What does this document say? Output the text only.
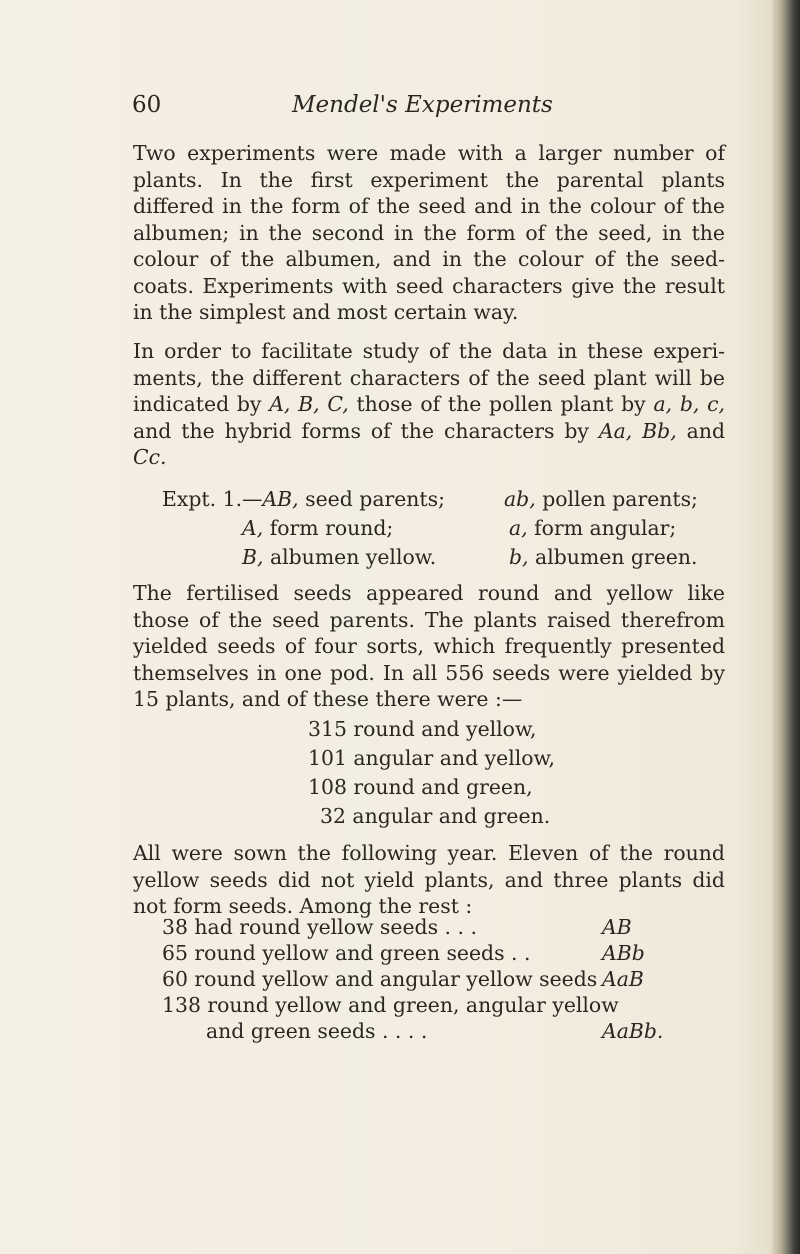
60	Mendel's Experiments

Two experiments were made with a larger number of plants. In the first experiment the parental plants differed in the form of the seed and in the colour of the albumen; in the second in the form of the seed, in the colour of the albumen, and in the colour of the seed-coats. Experiments with seed characters give the result in the simplest and most certain way.

In order to facilitate study of the data in these experi-ments, the different characters of the seed plant will be indicated by A, B, C, those of the pollen plant by a, b, c, and the hybrid forms of the characters by Aa, Bb, and Cc.

Expt. 1.—AB, seed parents;	ab, pollen parents;
A, form round;	a, form angular;
B, albumen yellow.	b, albumen green.

The fertilised seeds appeared round and yellow like those of the seed parents. The plants raised therefrom yielded seeds of four sorts, which frequently presented themselves in one pod. In all 556 seeds were yielded by 15 plants, and of these there were :—

315 round and yellow,
101 angular and yellow,
108 round and green,
32 angular and green.

All were sown the following year. Eleven of the round yellow seeds did not yield plants, and three plants did not form seeds. Among the rest :

38 had round yellow seeds . . .	AB
65 round yellow and green seeds . .	ABb
60 round yellow and angular yellow seeds AaB
138 round yellow and green, angular yellow
and green seeds . . . .	AaBb.
